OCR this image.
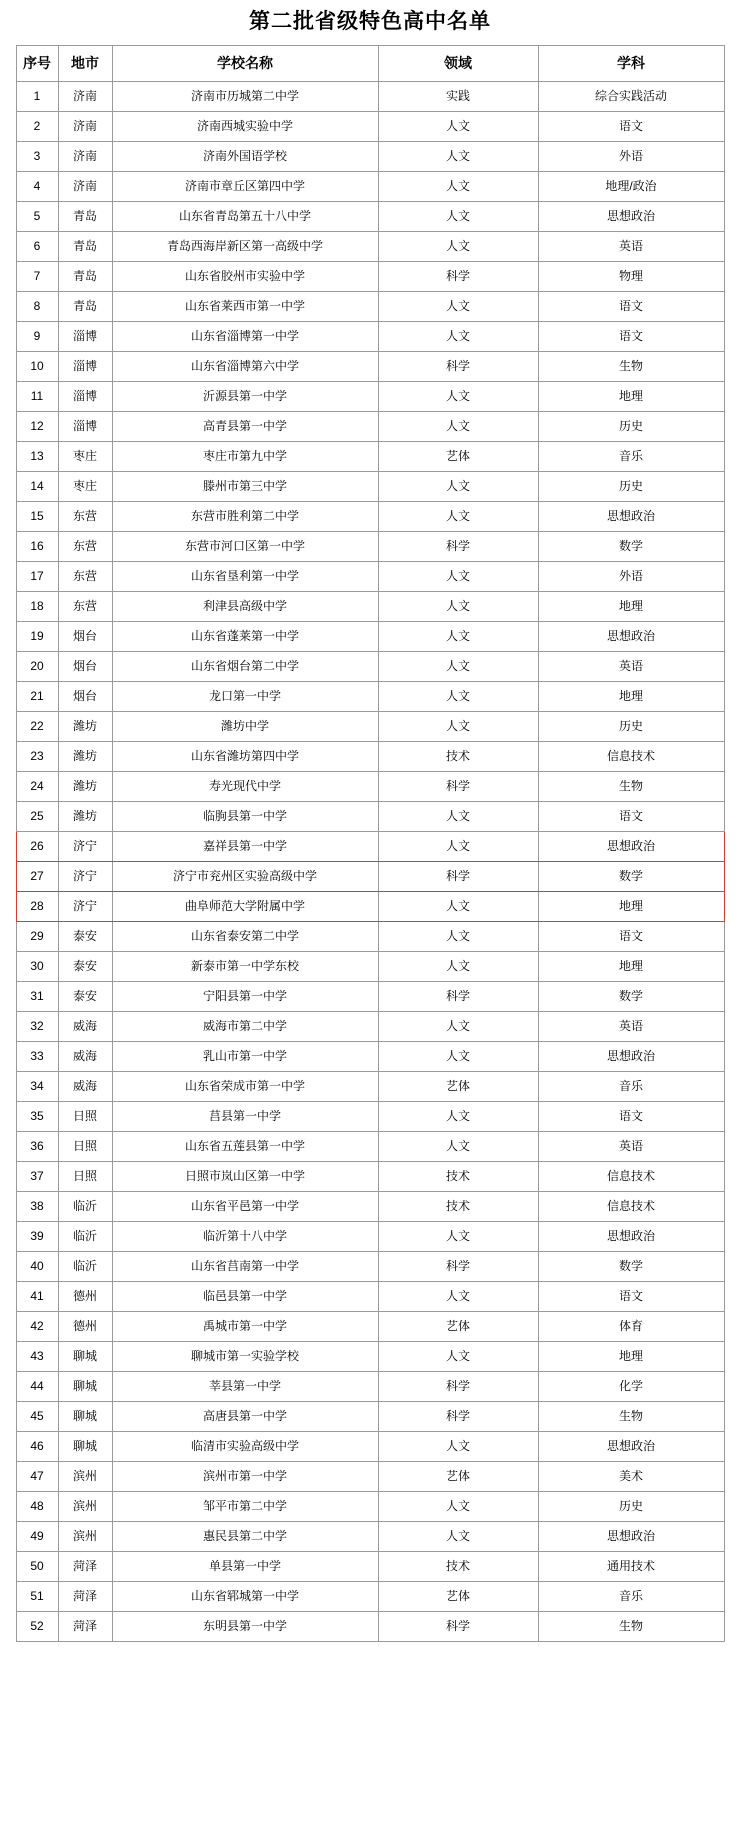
第二批省级特色高中名单
序号	地市	学校名称	领域	学科
1	济南	济南市历城第二中学	实践	综合实践活动
2	济南	济南西城实验中学	人文	语文
3	济南	济南外国语学校	人文	外语
4	济南	济南市章丘区第四中学	人文	地理/政治
5	青岛	山东省青岛第五十八中学	人文	思想政治
6	青岛	青岛西海岸新区第一高级中学	人文	英语
7	青岛	山东省胶州市实验中学	科学	物理
8	青岛	山东省莱西市第一中学	人文	语文
9	淄博	山东省淄博第一中学	人文	语文
10	淄博	山东省淄博第六中学	科学	生物
11	淄博	沂源县第一中学	人文	地理
12	淄博	高青县第一中学	人文	历史
13	枣庄	枣庄市第九中学	艺体	音乐
14	枣庄	滕州市第三中学	人文	历史
15	东营	东营市胜利第二中学	人文	思想政治
16	东营	东营市河口区第一中学	科学	数学
17	东营	山东省垦利第一中学	人文	外语
18	东营	利津县高级中学	人文	地理
19	烟台	山东省蓬莱第一中学	人文	思想政治
20	烟台	山东省烟台第二中学	人文	英语
21	烟台	龙口第一中学	人文	地理
22	潍坊	潍坊中学	人文	历史
23	潍坊	山东省潍坊第四中学	技术	信息技术
24	潍坊	寿光现代中学	科学	生物
25	潍坊	临朐县第一中学	人文	语文
26	济宁	嘉祥县第一中学	人文	思想政治
27	济宁	济宁市兖州区实验高级中学	科学	数学
28	济宁	曲阜师范大学附属中学	人文	地理
29	泰安	山东省泰安第二中学	人文	语文
30	泰安	新泰市第一中学东校	人文	地理
31	泰安	宁阳县第一中学	科学	数学
32	威海	威海市第二中学	人文	英语
33	威海	乳山市第一中学	人文	思想政治
34	威海	山东省荣成市第一中学	艺体	音乐
35	日照	莒县第一中学	人文	语文
36	日照	山东省五莲县第一中学	人文	英语
37	日照	日照市岚山区第一中学	技术	信息技术
38	临沂	山东省平邑第一中学	技术	信息技术
39	临沂	临沂第十八中学	人文	思想政治
40	临沂	山东省莒南第一中学	科学	数学
41	德州	临邑县第一中学	人文	语文
42	德州	禹城市第一中学	艺体	体育
43	聊城	聊城市第一实验学校	人文	地理
44	聊城	莘县第一中学	科学	化学
45	聊城	高唐县第一中学	科学	生物
46	聊城	临清市实验高级中学	人文	思想政治
47	滨州	滨州市第一中学	艺体	美术
48	滨州	邹平市第二中学	人文	历史
49	滨州	惠民县第二中学	人文	思想政治
50	菏泽	单县第一中学	技术	通用技术
51	菏泽	山东省郓城第一中学	艺体	音乐
52	菏泽	东明县第一中学	科学	生物
